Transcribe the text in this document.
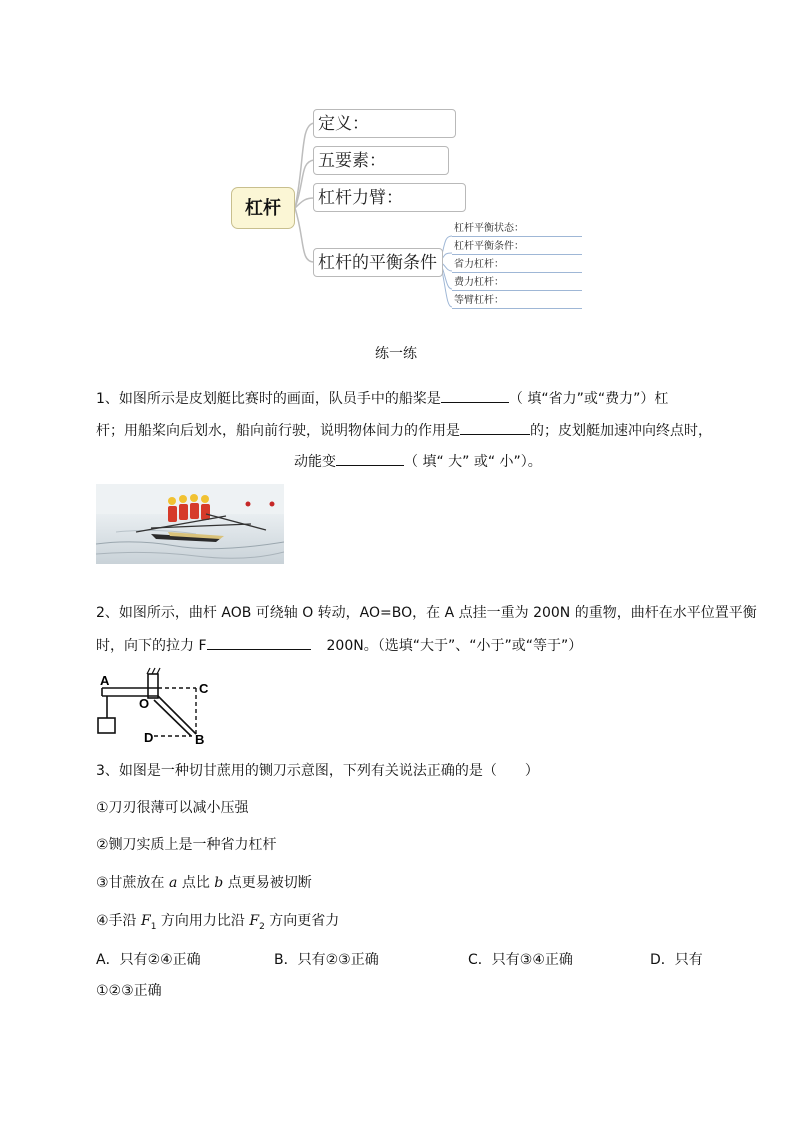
杠杆
定义：
五要素：
杠杆力臂：
杠杆的平衡条件
杠杆平衡状态：
杠杆平衡条件：
省力杠杆：
费力杠杆：
等臂杠杆：
练一练
1、如图所示是皮划艇比赛时的画面，队员手中的船桨是	（ 填“省力”或“费力”）杠
杆；用船桨向后划水，船向前行驶，说明物体间力的作用是	的；皮划艇加速冲向终点时，
动能变	（ 填“ 大” 或“ 小”）。
2、如图所示，曲杆 AOB 可绕轴 O 转动，AO=BO，在 A 点挂一重为 200N 的重物，曲杆在水平位置平衡
时，向下的拉力 F	200N。（选填“大于”、“小于”或“等于”）
A
O
C
D	B
3、如图是一种切甘蔗用的铡刀示意图，下列有关说法正确的是（　　）
①刀刃很薄可以减小压强
②铡刀实质上是一种省力杠杆
③甘蔗放在 a 点比 b 点更易被切断
④手沿 $F_1$ 方向用力比沿 $F_2$ 方向更省力
A．只有②④正确	B．只有②③正确	C．只有③④正确	D．只有
①②③正确
